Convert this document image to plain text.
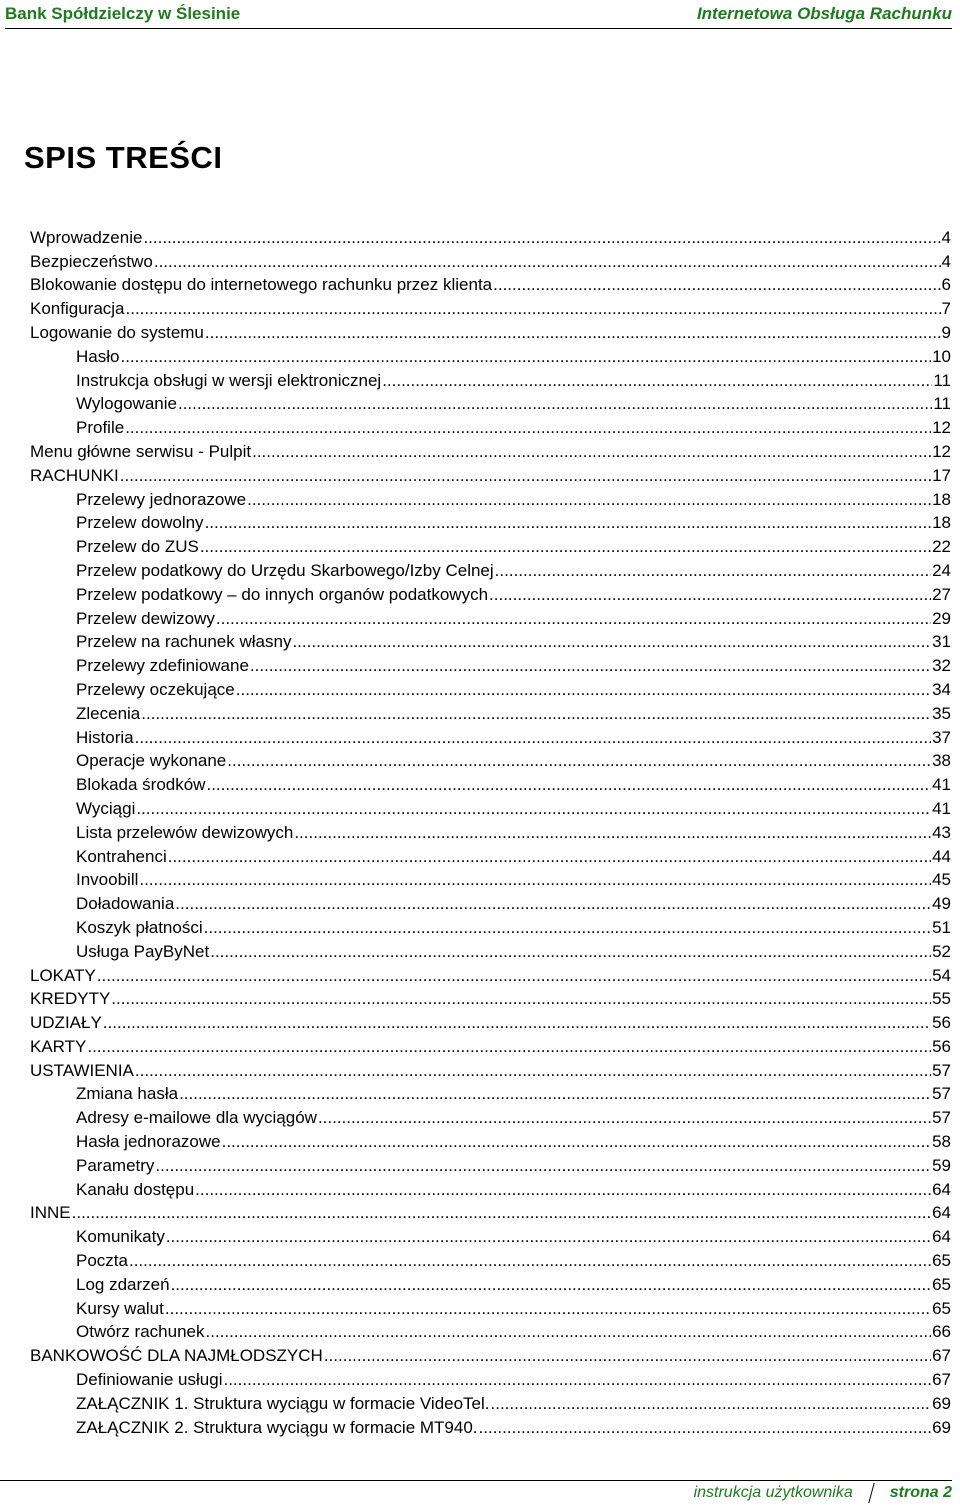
Bank Spółdzielczy w Ślesinie	Internetowa Obsługa Rachunku
SPIS TREŚCI
Wprowadzenie .....	4
Bezpieczeństwo .....	4
Blokowanie dostępu do internetowego rachunku przez klienta .....	6
Konfiguracja .....	7
Logowanie do systemu .....	9
Hasło .....	10
Instrukcja obsługi w wersji elektronicznej .....	11
Wylogowanie .....	11
Profile .....	12
Menu główne serwisu - Pulpit .....	12
RACHUNKI .....	17
Przelewy jednorazowe .....	18
Przelew dowolny .....	18
Przelew do ZUS .....	22
Przelew podatkowy do Urzędu Skarbowego/Izby Celnej .....	24
Przelew podatkowy – do innych organów podatkowych .....	27
Przelew dewizowy .....	29
Przelew na rachunek własny .....	31
Przelewy zdefiniowane .....	32
Przelewy oczekujące .....	34
Zlecenia .....	35
Historia .....	37
Operacje wykonane .....	38
Blokada środków .....	41
Wyciągi .....	41
Lista przelewów dewizowych .....	43
Kontrahenci .....	44
Invoobill .....	45
Doładowania .....	49
Koszyk płatności .....	51
Usługa PayByNet .....	52
LOKATY .....	54
KREDYTY .....	55
UDZIAŁY .....	56
KARTY .....	56
USTAWIENIA .....	57
Zmiana hasła .....	57
Adresy e-mailowe dla wyciągów .....	57
Hasła jednorazowe .....	58
Parametry .....	59
Kanału dostępu .....	64
INNE .....	64
Komunikaty .....	64
Poczta .....	65
Log zdarzeń .....	65
Kursy walut .....	65
Otwórz rachunek .....	66
BANKOWOŚĆ DLA NAJMŁODSZYCH .....	67
Definiowanie usługi .....	67
ZAŁĄCZNIK 1. Struktura wyciągu w formacie VideoTel. .....	69
ZAŁĄCZNIK 2. Struktura wyciągu w formacie MT940. .....	69
instrukcja użytkownika strona 2
